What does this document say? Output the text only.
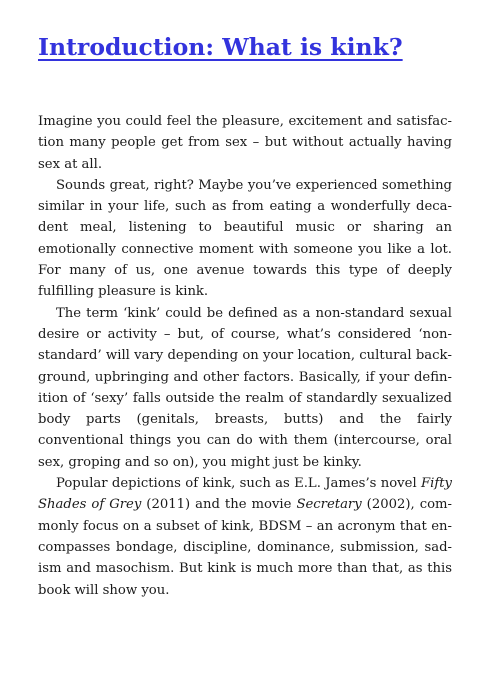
Introduction: What is kink?

Imagine you could feel the pleasure, excitement and satisfaction many people get from sex – but without actually having sex at all.

Sounds great, right? Maybe you’ve experienced something similar in your life, such as from eating a wonderfully decadent meal, listening to beautiful music or sharing an emotionally connective moment with someone you like a lot. For many of us, one avenue towards this type of deeply fulfilling pleasure is kink.

The term ‘kink’ could be defined as a non-standard sexual desire or activity – but, of course, what’s considered ‘non-standard’ will vary depending on your location, cultural background, upbringing and other factors. Basically, if your definition of ‘sexy’ falls outside the realm of standardly sexualized body parts (genitals, breasts, butts) and the fairly conventional things you can do with them (intercourse, oral sex, groping and so on), you might just be kinky.

Popular depictions of kink, such as E.L. James’s novel Fifty Shades of Grey (2011) and the movie Secretary (2002), commonly focus on a subset of kink, BDSM – an acronym that encompasses bondage, discipline, dominance, submission, sadism and masochism. But kink is much more than that, as this book will show you.
